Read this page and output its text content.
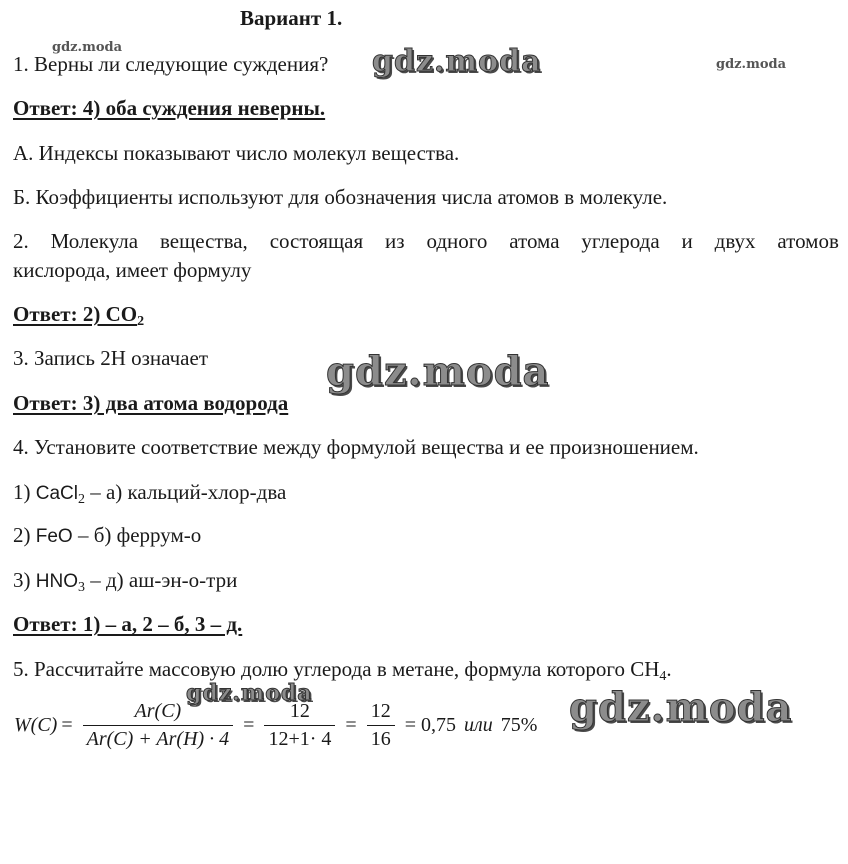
Вариант 1.
1. Верны ли следующие суждения?
Ответ: 4) оба суждения неверны.
А. Индексы показывают число молекул вещества.
Б. Коэффициенты используют для обозначения числа атомов в молекуле.
2. Молекула вещества, состоящая из одного атома углерода и двух атомов
кислорода, имеет формулу
Ответ: 2) $CO_2$
3. Запись 2Н означает
Ответ: 3) два атома водорода
4. Установите соответствие между формулой вещества и ее произношением.
1) CaCl$_2$ – а) кальций-хлор-два
2) FeO – б) феррум-о
3) $HNO_3 - д$) аш-эн-о-три
Ответ: 1) – а, 2 – б, 3 – д.
5. Рассчитайте массовую долю углерода в метане, формула которого $CH_4$.
$W(C) = \frac{Ar(C)}{Ar(C) + Ar(H) \cdot 4} = \frac{12}{12+1\cdot 4} = \frac{12}{16} = 0,75$ или 75%
gdz.moda	gdz.moda	gdz.moda
gdz.moda
gdz.moda	gdz.moda
